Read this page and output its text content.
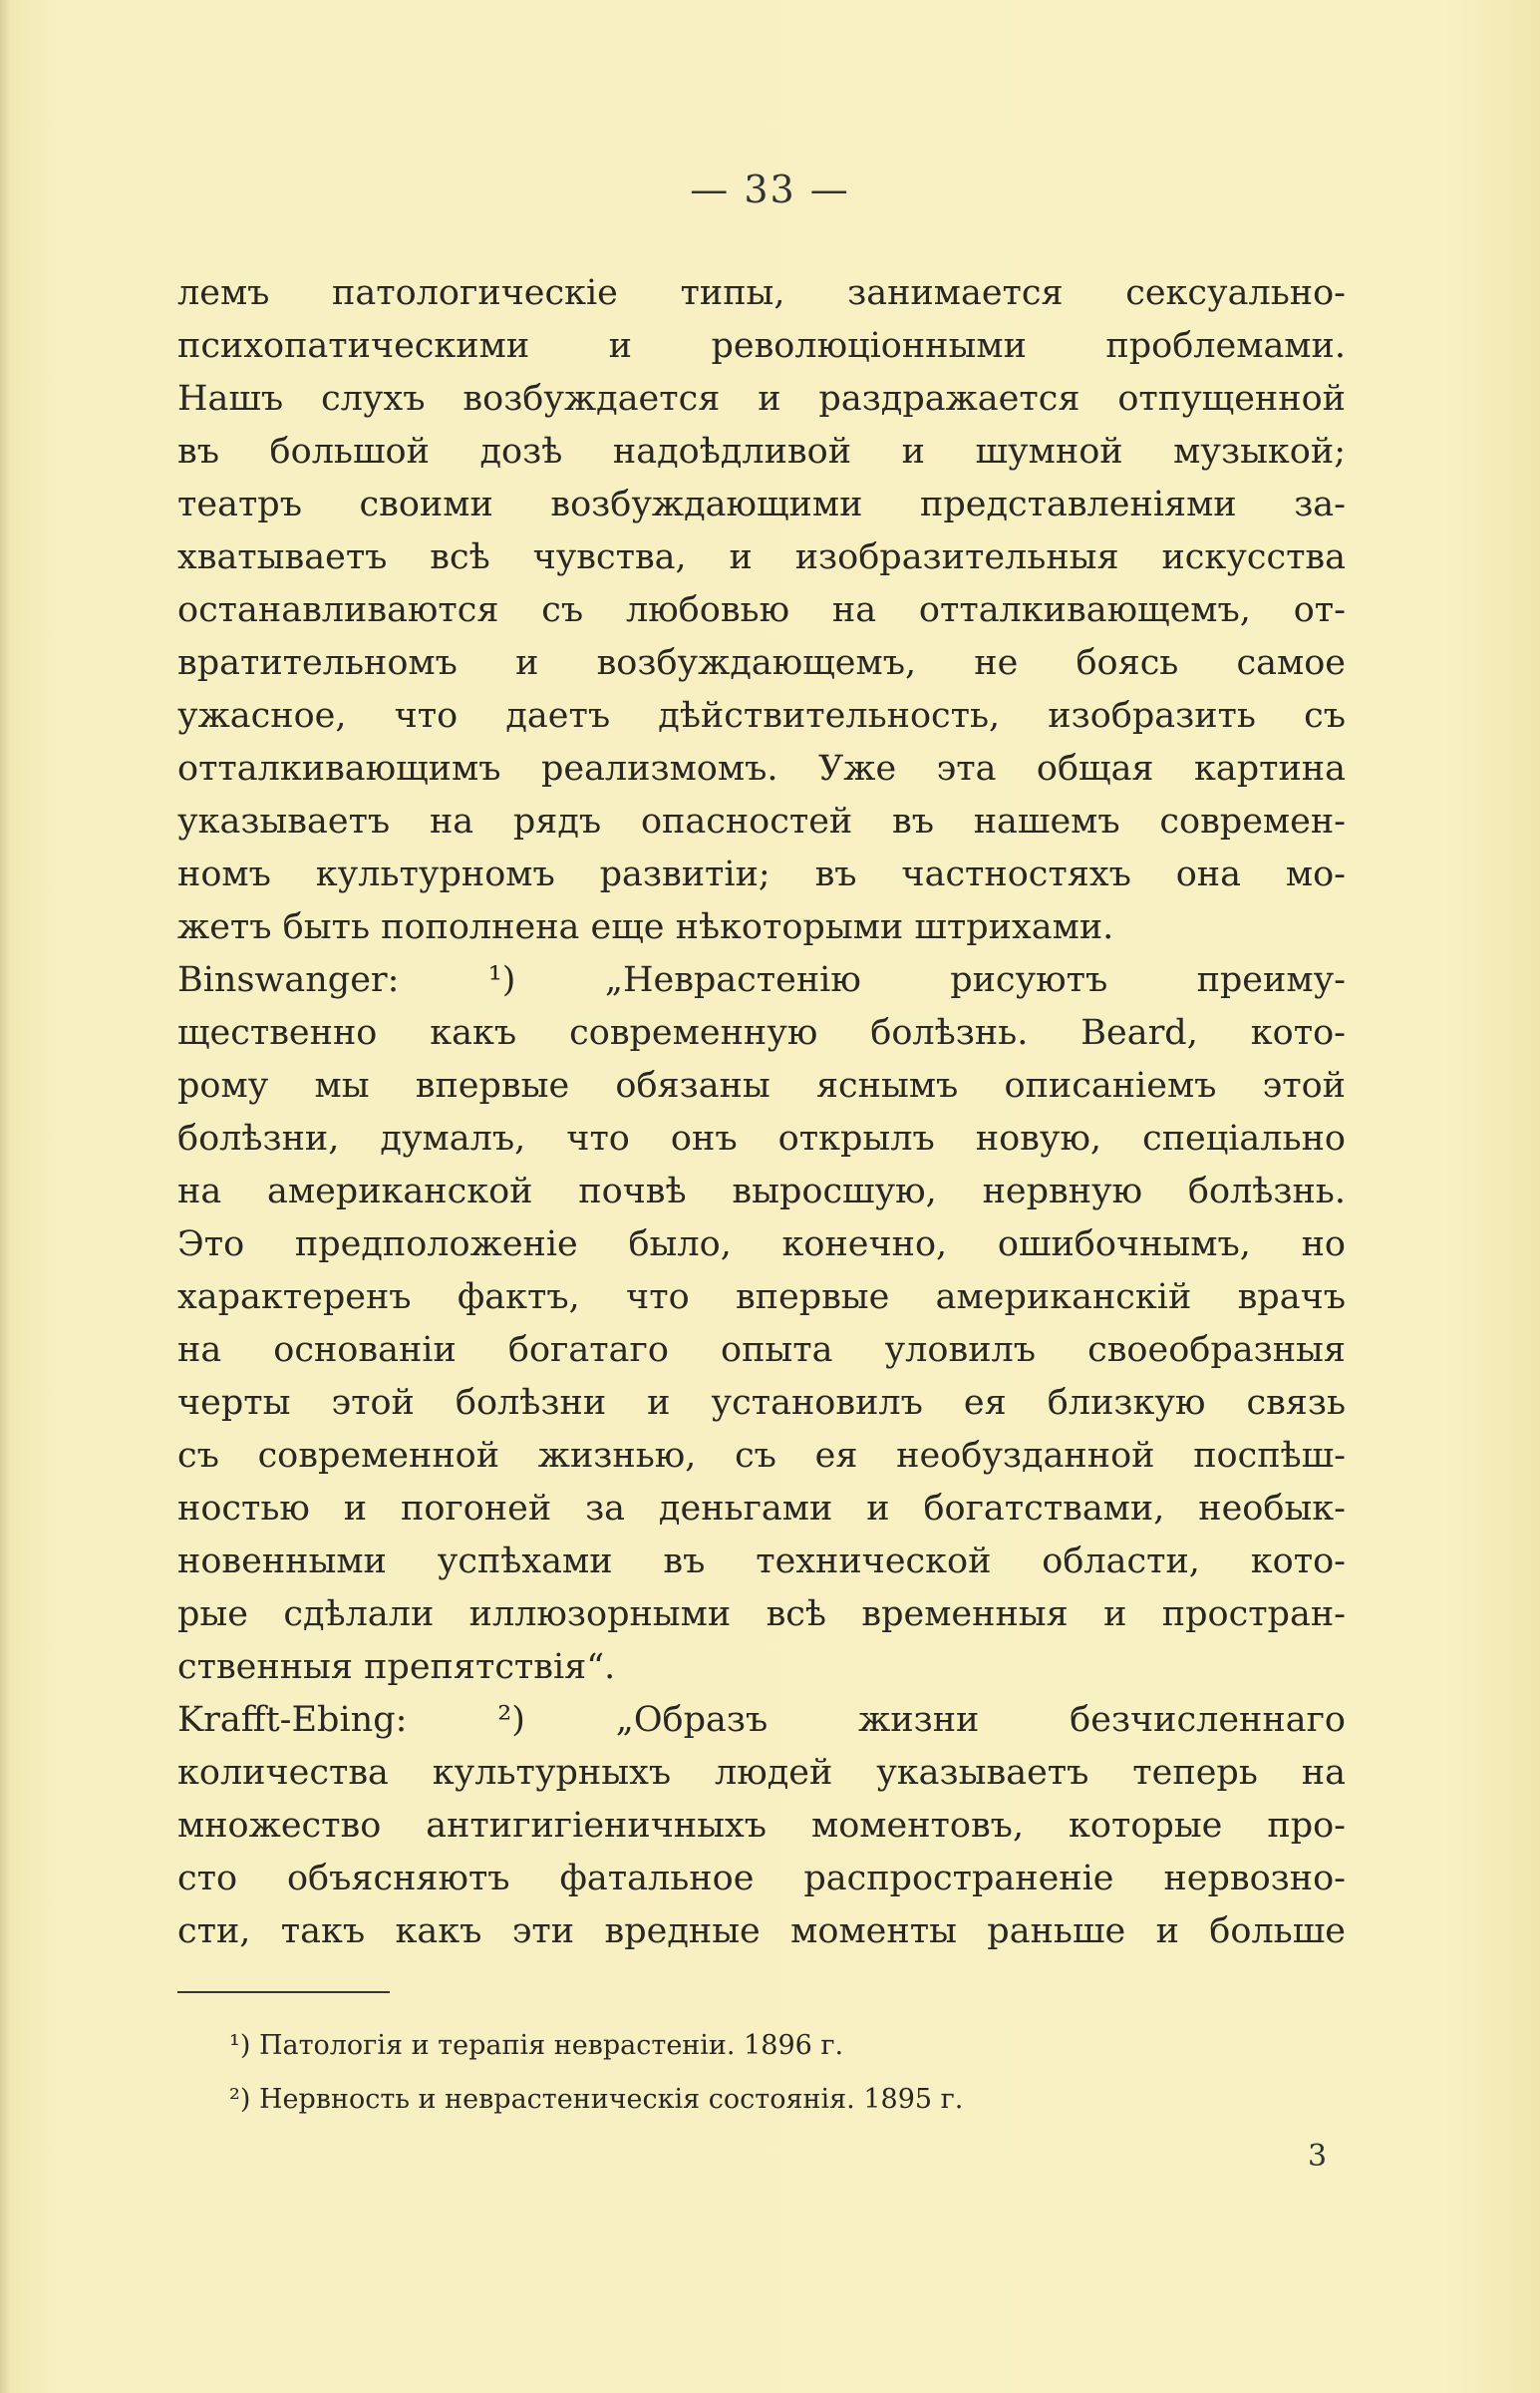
— 33 —
лемъ патологическіе типы, занимается сексуально-
психопатическими и революціонными проблемами.
Нашъ слухъ возбуждается и раздражается отпущенной
въ большой дозѣ надоѣдливой и шумной музыкой;
театръ своими возбуждающими представленіями за-
хватываетъ всѣ чувства, и изобразительныя искусства
останавливаются съ любовью на отталкивающемъ, от-
вратительномъ и возбуждающемъ, не боясь самое
ужасное, что даетъ дѣйствительность, изобразить съ
отталкивающимъ реализмомъ. Уже эта общая картина
указываетъ на рядъ опасностей въ нашемъ современ-
номъ культурномъ развитіи; въ частностяхъ она мо-
жетъ быть пополнена еще нѣкоторыми штрихами.
Binswanger: ¹) „Неврастенію рисуютъ преиму-
щественно какъ современную болѣзнь. Beard, кото-
рому мы впервые обязаны яснымъ описаніемъ этой
болѣзни, думалъ, что онъ открылъ новую, спеціально
на американской почвѣ выросшую, нервную болѣзнь.
Это предположеніе было, конечно, ошибочнымъ, но
характеренъ фактъ, что впервые американскій врачъ
на основаніи богатаго опыта уловилъ своеобразныя
черты этой болѣзни и установилъ ея близкую связь
съ современной жизнью, съ ея необузданной поспѣш-
ностью и погоней за деньгами и богатствами, необык-
новенными успѣхами въ технической области, кото-
рые сдѣлали иллюзорными всѣ временныя и простран-
ственныя препятствія“.
Krafft-Ebing: ²) „Образъ жизни безчисленнаго
количества культурныхъ людей указываетъ теперь на
множество антигигіеничныхъ моментовъ, которые про-
сто объясняютъ фатальное распространеніе нервозно-
сти, такъ какъ эти вредные моменты раньше и больше
¹) Патологія и терапія неврастеніи. 1896 г.
²) Нервность и неврастеническія состоянія. 1895 г.
3
